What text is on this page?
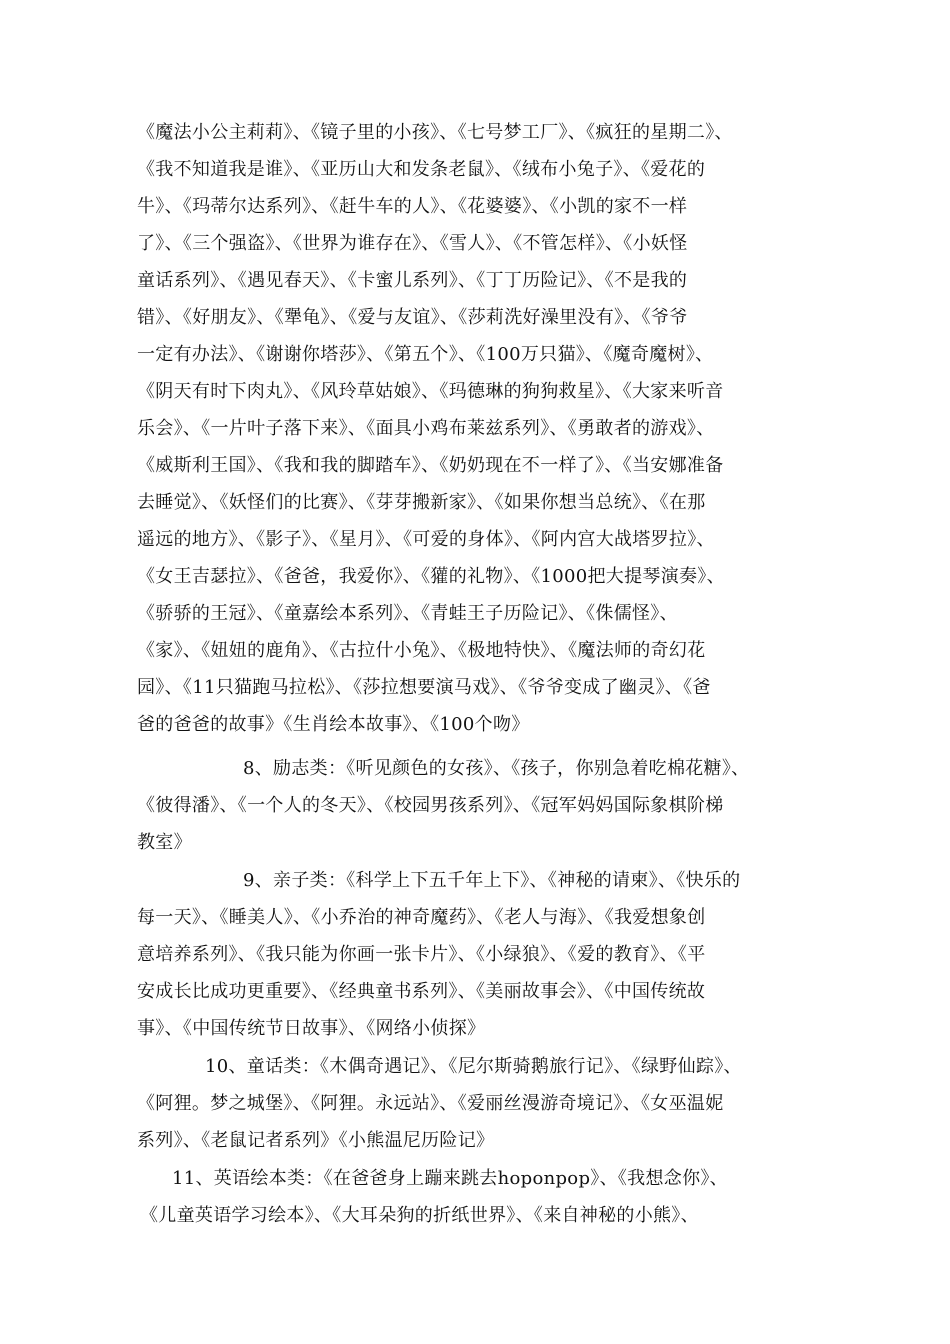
《魔法小公主莉莉》、《镜子里的小孩》、《七号梦工厂》、《疯狂的星期二》、
《我不知道我是谁》、《亚历山大和发条老鼠》、《绒布小兔子》、《爱花的
牛》、《玛蒂尔达系列》、《赶牛车的人》、《花婆婆》、《小凯的家不一样
了》、《三个强盗》、《世界为谁存在》、《雪人》、《不管怎样》、《小妖怪
童话系列》、《遇见春天》、《卡蜜儿系列》、《丁丁历险记》、《不是我的
错》、《好朋友》、《犟龟》、《爱与友谊》、《莎莉洗好澡里没有》、《爷爷
一定有办法》、《谢谢你塔莎》、《第五个》、《100万只猫》、《魔奇魔树》、
《阴天有时下肉丸》、《风玲草姑娘》、《玛德琳的狗狗救星》、《大家来听音
乐会》、《一片叶子落下来》、《面具小鸡布莱兹系列》、《勇敢者的游戏》、
《威斯利王国》、《我和我的脚踏车》、《奶奶现在不一样了》、《当安娜准备
去睡觉》、《妖怪们的比赛》、《芽芽搬新家》、《如果你想当总统》、《在那
遥远的地方》、《影子》、《星月》、《可爱的身体》、《阿内宫大战塔罗拉》、
《女王吉瑟拉》、《爸爸，我爱你》、《獾的礼物》、《1000把大提琴演奏》、
《骄骄的王冠》、《童嘉绘本系列》、《青蛙王子历险记》、《侏儒怪》、
《家》、《妞妞的鹿角》、《古拉什小兔》、《极地特快》、《魔法师的奇幻花
园》、《11只猫跑马拉松》、《莎拉想要演马戏》、《爷爷变成了幽灵》、《爸
爸的爸爸的故事》《生肖绘本故事》、《100个吻》
8、励志类：《听见颜色的女孩》、《孩子，你别急着吃棉花糖》、
《彼得潘》、《一个人的冬天》、《校园男孩系列》、《冠军妈妈国际象棋阶梯
教室》
9、亲子类：《科学上下五千年上下》、《神秘的请柬》、《快乐的
每一天》、《睡美人》、《小乔治的神奇魔药》、《老人与海》、《我爱想象创
意培养系列》、《我只能为你画一张卡片》、《小绿狼》、《爱的教育》、《平
安成长比成功更重要》、《经典童书系列》、《美丽故事会》、《中国传统故
事》、《中国传统节日故事》、《网络小侦探》
10、童话类：《木偶奇遇记》、《尼尔斯骑鹅旅行记》、《绿野仙踪》、
《阿狸。梦之城堡》、《阿狸。永远站》、《爱丽丝漫游奇境记》、《女巫温妮
系列》、《老鼠记者系列》《小熊温尼历险记》
11、英语绘本类：《在爸爸身上蹦来跳去hoponpop》、《我想念你》、
《儿童英语学习绘本》、《大耳朵狗的折纸世界》、《来自神秘的小熊》、
